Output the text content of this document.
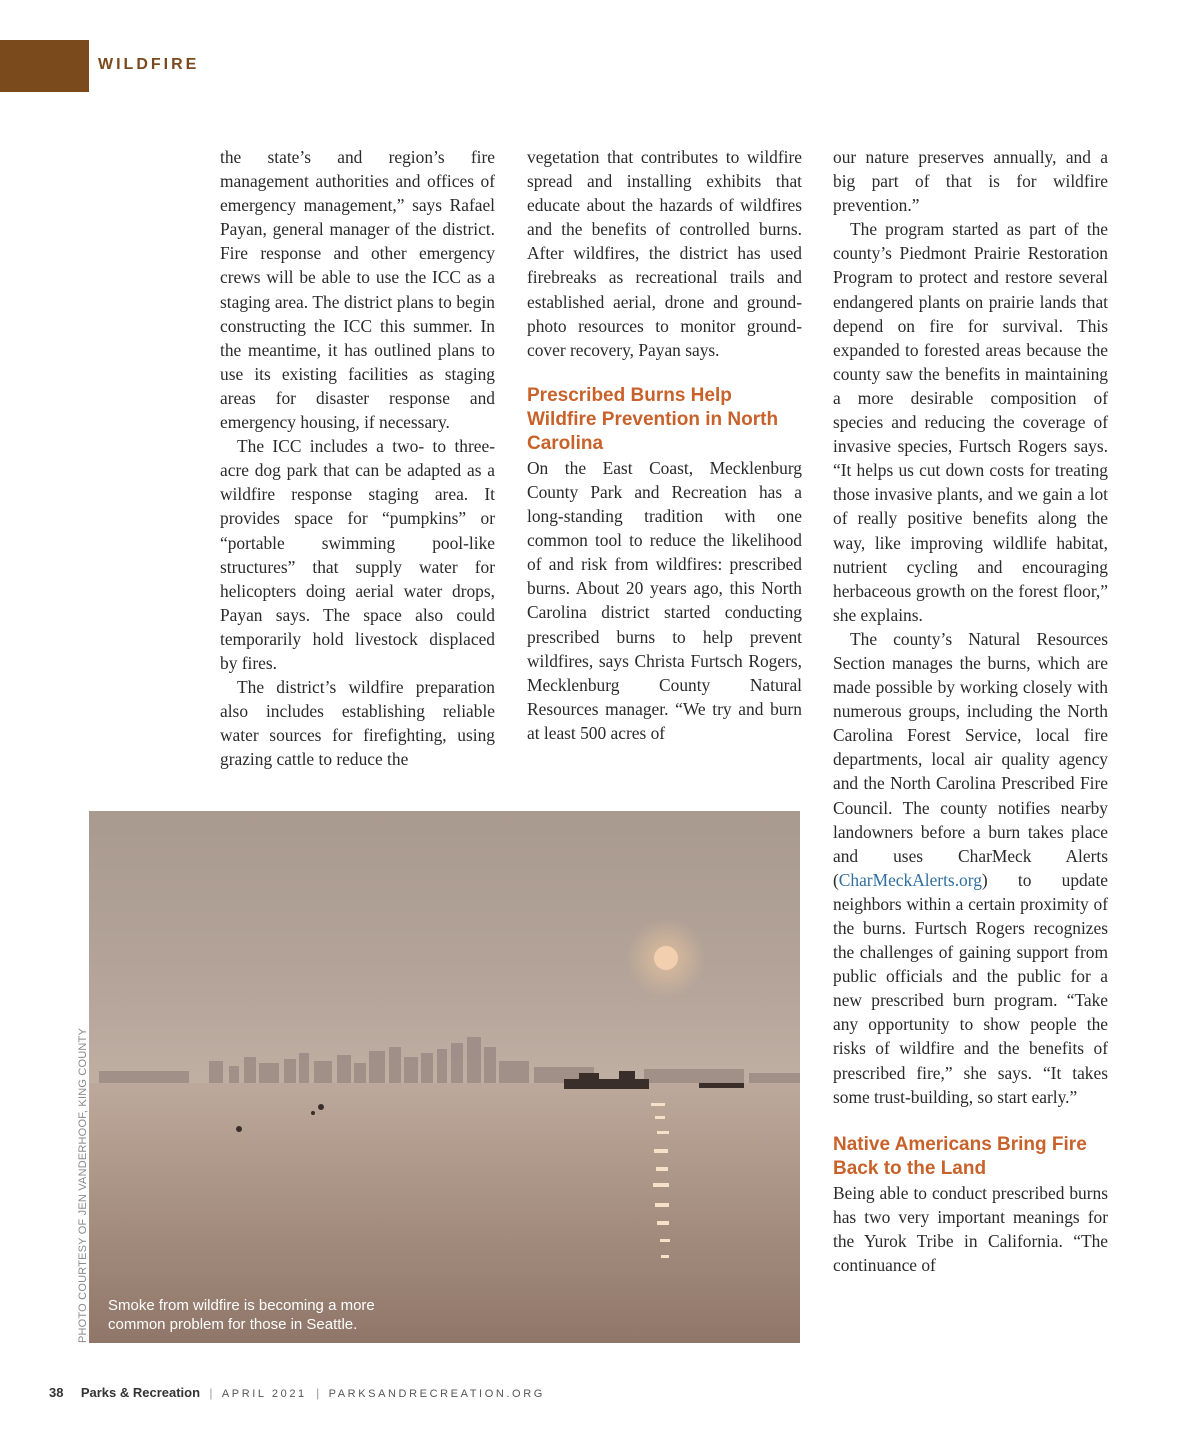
WILDFIRE

the state’s and region’s fire management authorities and offices of emergency management,” says Rafael Payan, general manager of the district. Fire response and other emergency crews will be able to use the ICC as a staging area. The district plans to begin constructing the ICC this summer. In the meantime, it has outlined plans to use its existing facilities as staging areas for disaster response and emergency housing, if necessary.

The ICC includes a two- to three-acre dog park that can be adapted as a wildfire response staging area. It provides space for “pumpkins” or “portable swimming pool-like structures” that supply water for helicopters doing aerial water drops, Payan says. The space also could temporarily hold livestock displaced by fires.

The district’s wildfire preparation also includes establishing reliable water sources for firefighting, using grazing cattle to reduce the

vegetation that contributes to wildfire spread and installing exhibits that educate about the hazards of wildfires and the benefits of controlled burns. After wildfires, the district has used firebreaks as recreational trails and established aerial, drone and ground-photo resources to monitor ground-cover recovery, Payan says.

Prescribed Burns Help Wildfire Prevention in North Carolina

On the East Coast, Mecklenburg County Park and Recreation has a long-standing tradition with one common tool to reduce the likelihood of and risk from wildfires: prescribed burns. About 20 years ago, this North Carolina district started conducting prescribed burns to help prevent wildfires, says Christa Furtsch Rogers, Mecklenburg County Natural Resources manager. “We try and burn at least 500 acres of

our nature preserves annually, and a big part of that is for wildfire prevention.”

The program started as part of the county’s Piedmont Prairie Restoration Program to protect and restore several endangered plants on prairie lands that depend on fire for survival. This expanded to forested areas because the county saw the benefits in maintaining a more desirable composition of species and reducing the coverage of invasive species, Furtsch Rogers says. “It helps us cut down costs for treating those invasive plants, and we gain a lot of really positive benefits along the way, like improving wildlife habitat, nutrient cycling and encouraging herbaceous growth on the forest floor,” she explains.

The county’s Natural Resources Section manages the burns, which are made possible by working closely with numerous groups, including the North Carolina Forest Service, local fire departments, local air quality agency and the North Carolina Prescribed Fire Council. The county notifies nearby landowners before a burn takes place and uses CharMeck Alerts (CharMeckAlerts.org) to update neighbors within a certain proximity of the burns. Furtsch Rogers recognizes the challenges of gaining support from public officials and the public for a new prescribed burn program. “Take any opportunity to show people the risks of wildfire and the benefits of prescribed fire,” she says. “It takes some trust-building, so start early.”

Native Americans Bring Fire Back to the Land

Being able to conduct prescribed burns has two very important meanings for the Yurok Tribe in California. “The continuance of

Smoke from wildfire is becoming a more
common problem for those in Seattle.
PHOTO COURTESY OF JEN VANDERHOOF, KING COUNTY
38 Parks & Recreation | APRIL 2021 | PARKSANDRECREATION.ORG
